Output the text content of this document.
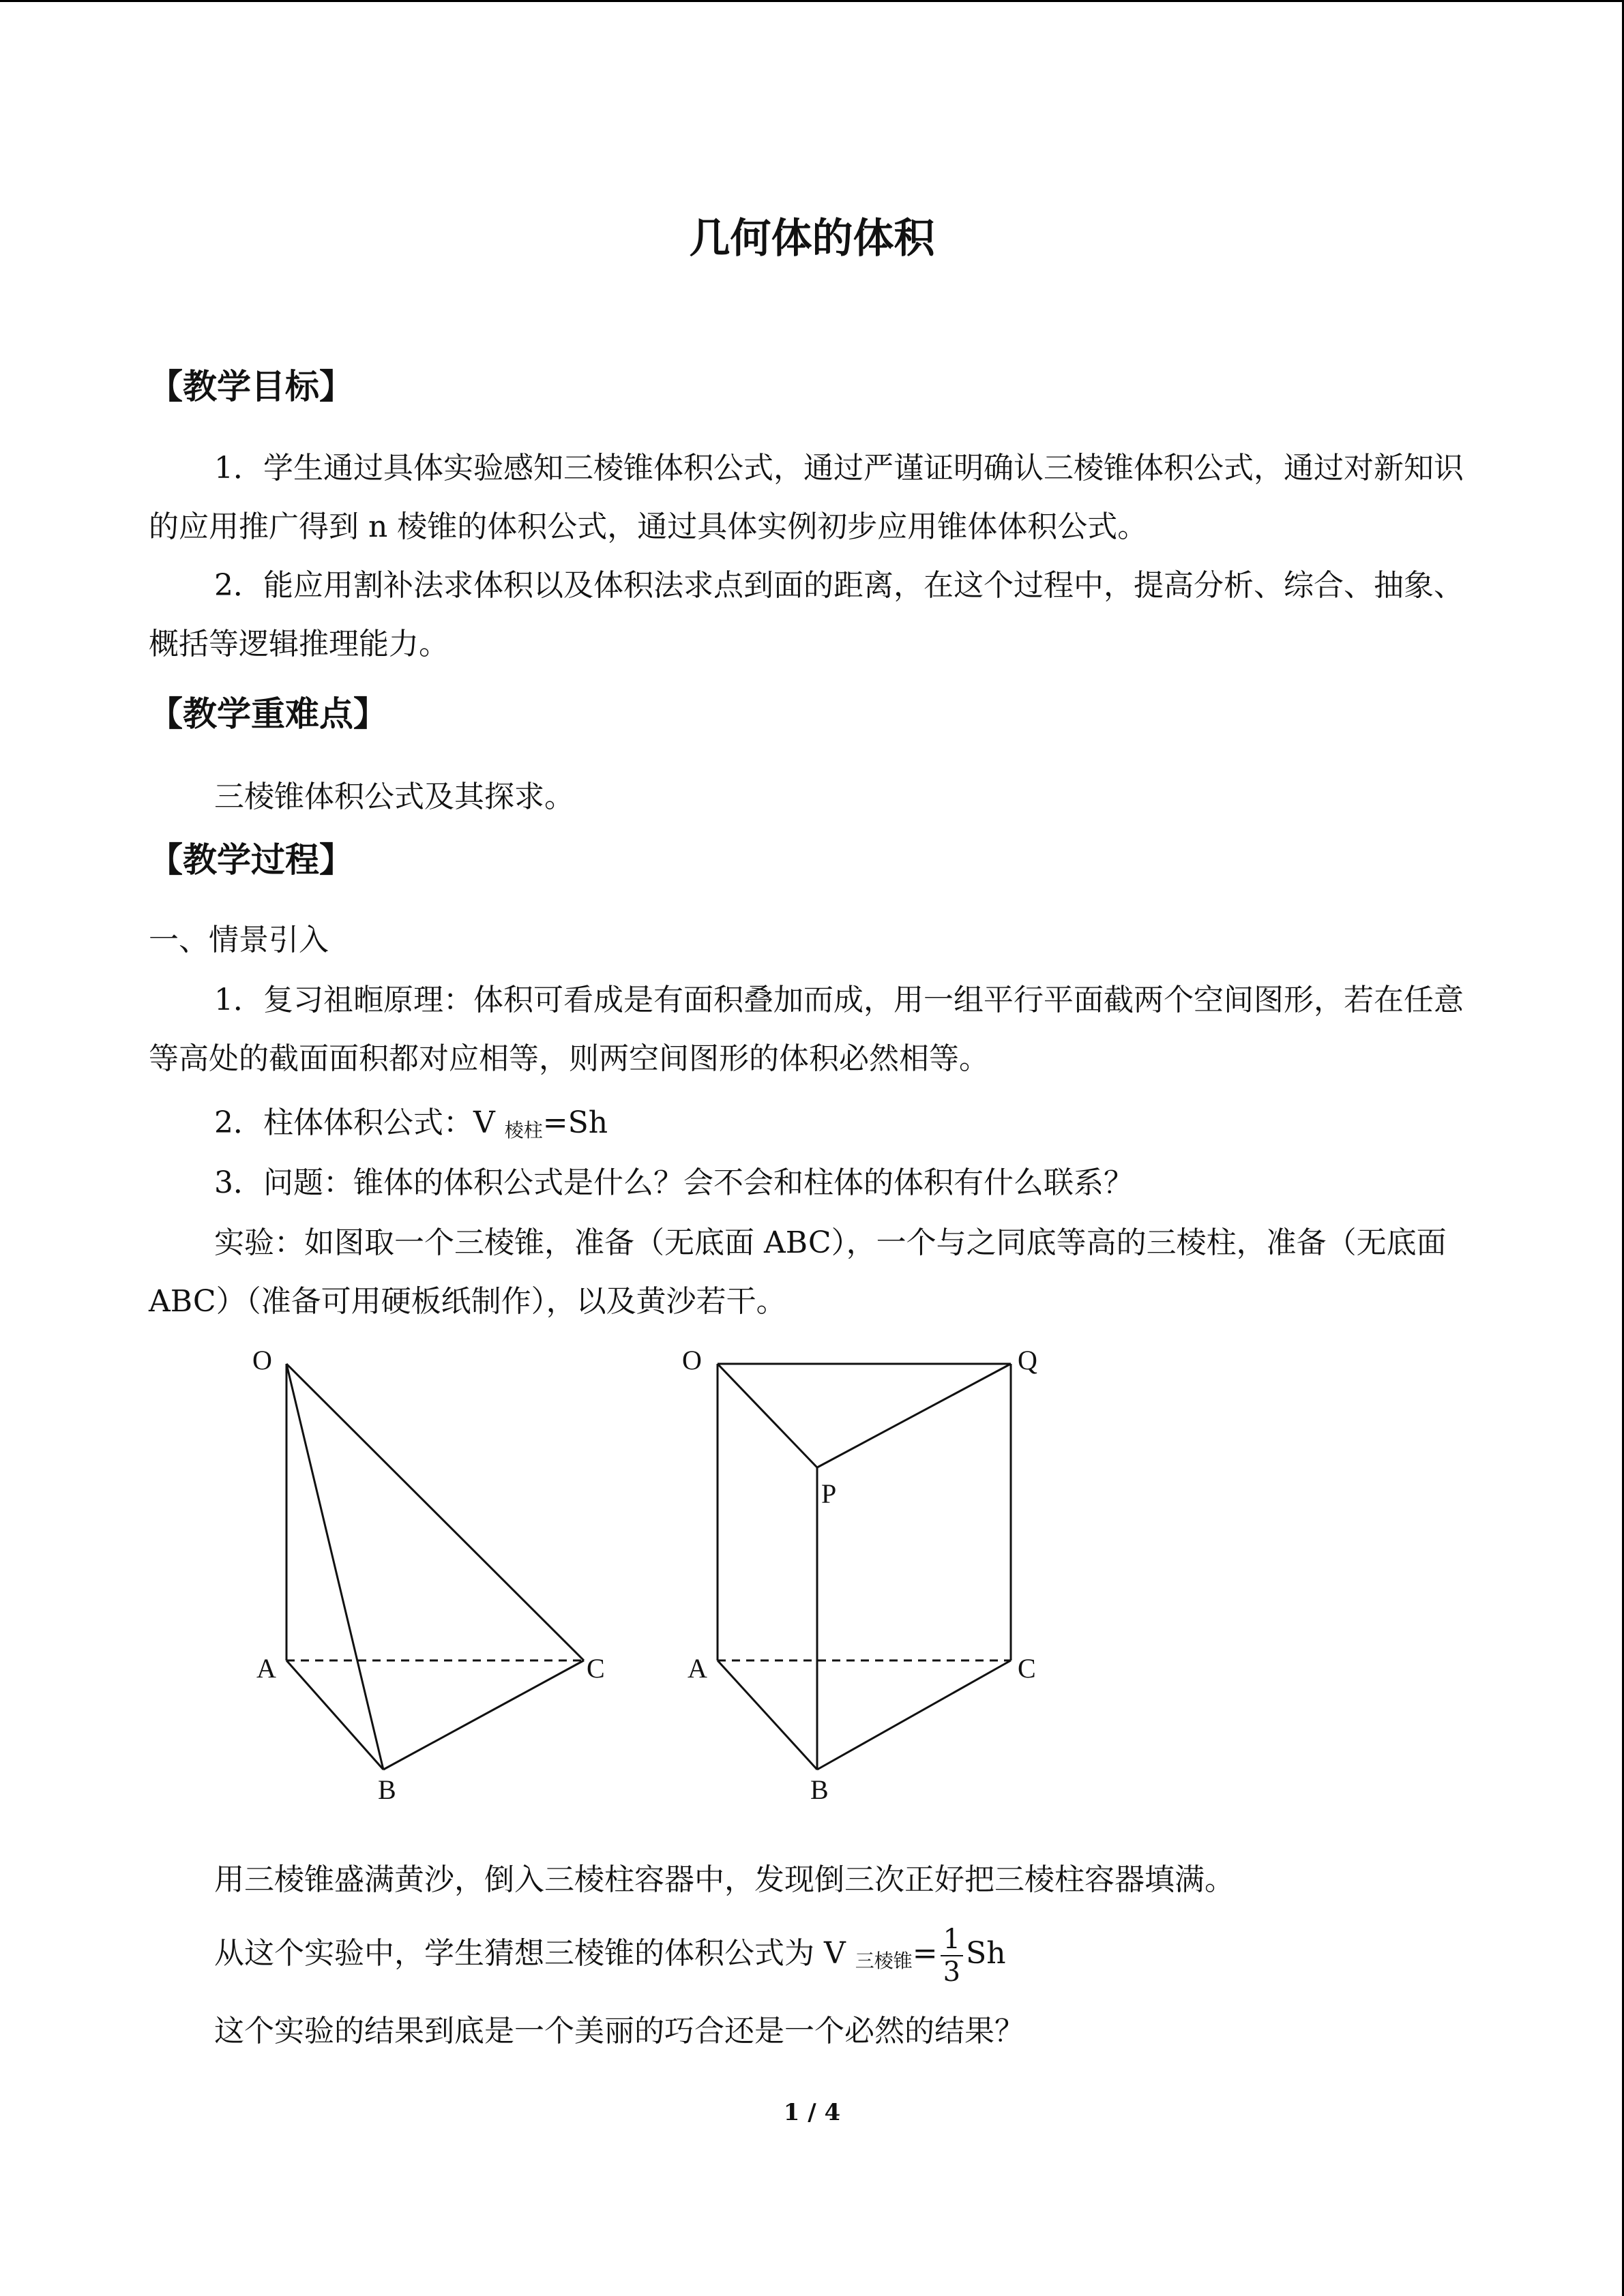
几何体的体积
【教学目标】

1．学生通过具体实验感知三棱锥体积公式，通过严谨证明确认三棱锥体积公式，通过对新知识的应用推广得到 n 棱锥的体积公式，通过具体实例初步应用锥体体积公式。

2．能应用割补法求体积以及体积法求点到面的距离，在这个过程中，提高分析、综合、抽象、概括等逻辑推理能力。

【教学重难点】
三棱锥体积公式及其探求。
【教学过程】
一、情景引入

1．复习祖暅原理：体积可看成是有面积叠加而成，用一组平行平面截两个空间图形，若在任意等高处的截面面积都对应相等，则两空间图形的体积必然相等。

2．柱体体积公式：V $_{棱柱}$=Sh
3．问题：锥体的体积公式是什么？会不会和柱体的体积有什么联系？

实验：如图取一个三棱锥，准备（无底面 ABC），一个与之同底等高的三棱柱，准备（无底面 ABC）（准备可用硬板纸制作），以及黄沙若干。

O
A	C
B
O	Q
P
A	C
B
用三棱锥盛满黄沙，倒入三棱柱容器中，发现倒三次正好把三棱柱容器填满。
从这个实验中，学生猜想三棱锥的体积公式为 V $_{三棱锥}= \frac{1}{3}$ Sh
这个实验的结果到底是一个美丽的巧合还是一个必然的结果？
1 / 4
